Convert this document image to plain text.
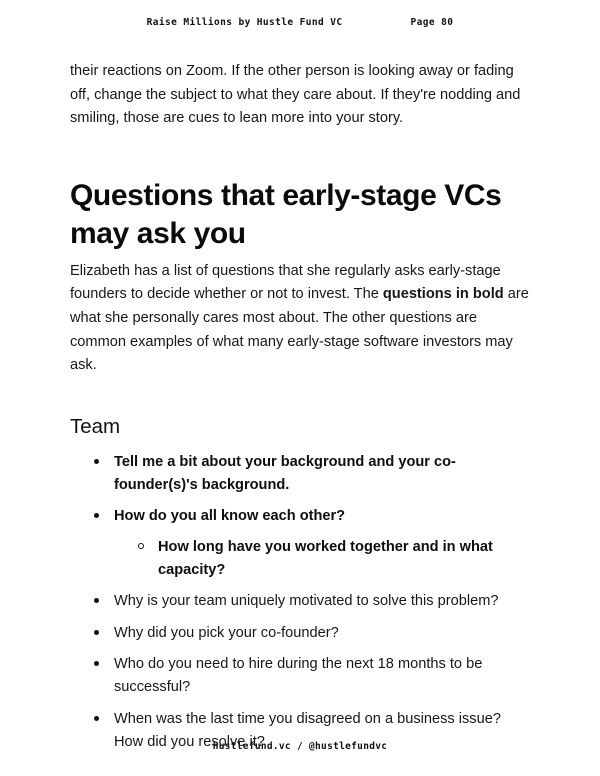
Raise Millions by Hustle Fund VC	Page 80

their reactions on Zoom. If the other person is looking away or fading off, change the subject to what they care about. If they're nodding and smiling, those are cues to lean more into your story.

Questions that early-stage VCs may ask you

Elizabeth has a list of questions that she regularly asks early-stage founders to decide whether or not to invest. The questions in bold are what she personally cares most about. The other questions are common examples of what many early-stage software investors may ask.

Team
Tell me a bit about your background and your co-founder(s)'s background.
How do you all know each other?
How long have you worked together and in what capacity?
Why is your team uniquely motivated to solve this problem?
Why did you pick your co-founder?
Who do you need to hire during the next 18 months to be successful?
When was the last time you disagreed on a business issue? How did you resolve it?
hustlefund.vc / @hustlefundvc
